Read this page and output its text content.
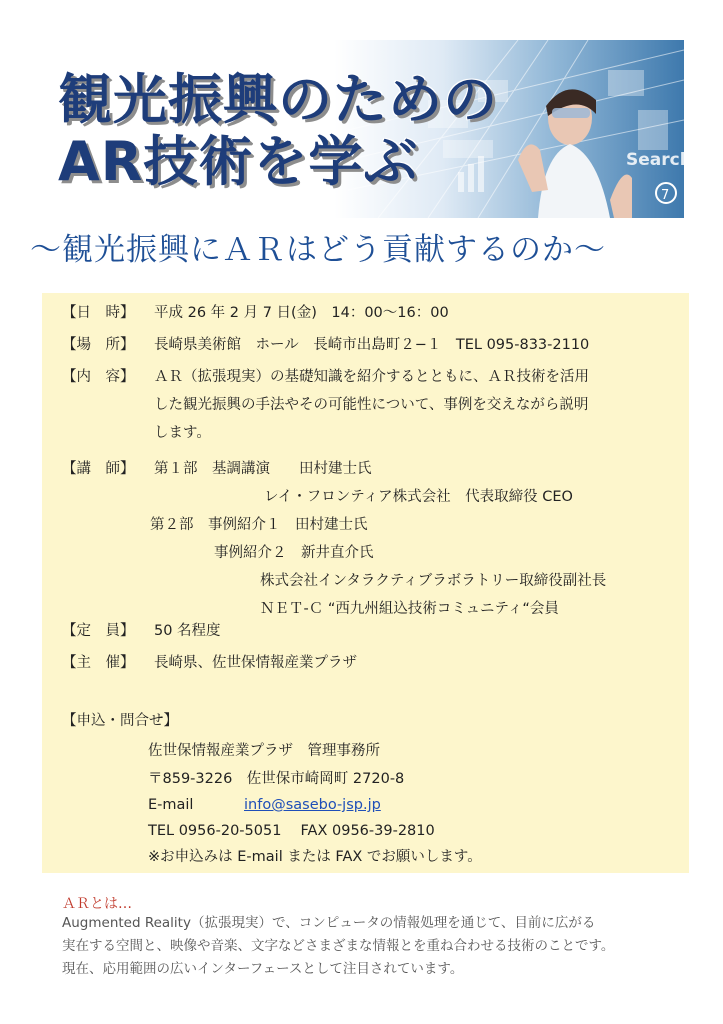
Search
7
観光振興のための
AR技術を学ぶ
〜観光振興にＡＲはどう貢献するのか〜
【日　時】 平成 26 年 2 月 7 日(金)　14：00〜16：00
【場　所】 長崎県美術館　ホール　長崎市出島町２−１　TEL 095-833-2110
【内　容】 ＡＲ（拡張現実）の基礎知識を紹介するとともに、ＡＲ技術を活用
した観光振興の手法やその可能性について、事例を交えながら説明
します。
【講　師】 第１部　基調講演　　田村建士氏
レイ・フロンティア株式会社　代表取締役 CEO
第２部　事例紹介１　田村建士氏
事例紹介２　新井直介氏
株式会社インタラクティブラボラトリー取締役副社長
ＮＥＴ-Ｃ “西九州組込技術コミュニティ“会員
【定　員】 50 名程度
【主　催】 長崎県、佐世保情報産業プラザ
【申込・問合せ】
佐世保情報産業プラザ　管理事務所
〒859-3226　佐世保市崎岡町 2720-8
E-mail	info@sasebo-jsp.jp
TEL 0956-20-5051　 FAX 0956-39-2810
※お申込みは E-mail または FAX でお願いします。
ＡＲとは…
Augmented Reality（拡張現実）で、コンピュータの情報処理を通じて、目前に広がる
実在する空間と、映像や音楽、文字などさまざまな情報とを重ね合わせる技術のことです。
現在、応用範囲の広いインターフェースとして注目されています。
